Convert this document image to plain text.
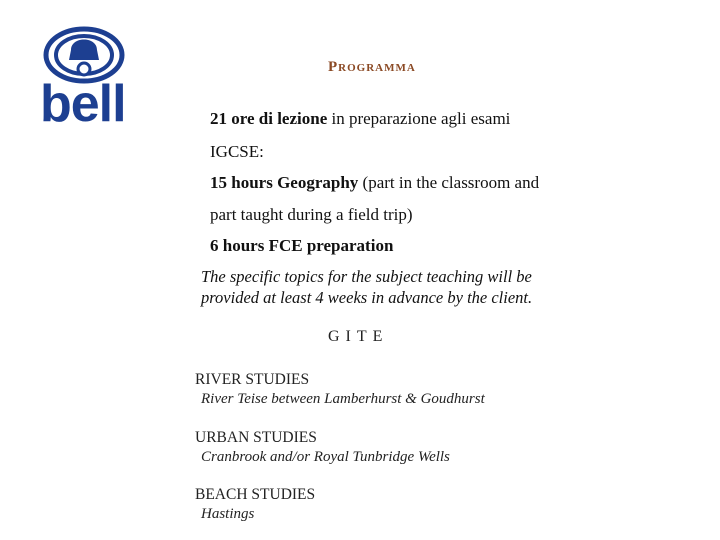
bell
Programma
21 ore di lezione in preparazione agli esami
IGCSE:
15 hours Geography (part in the classroom and
part taught during a field trip)
6 hours FCE preparation
The specific topics for the subject teaching will be
provided at least 4 weeks in advance by the client.
GITE
RIVER STUDIES
River Teise between Lamberhurst & Goudhurst
URBAN STUDIES
Cranbrook and/or Royal Tunbridge Wells
BEACH STUDIES
Hastings
